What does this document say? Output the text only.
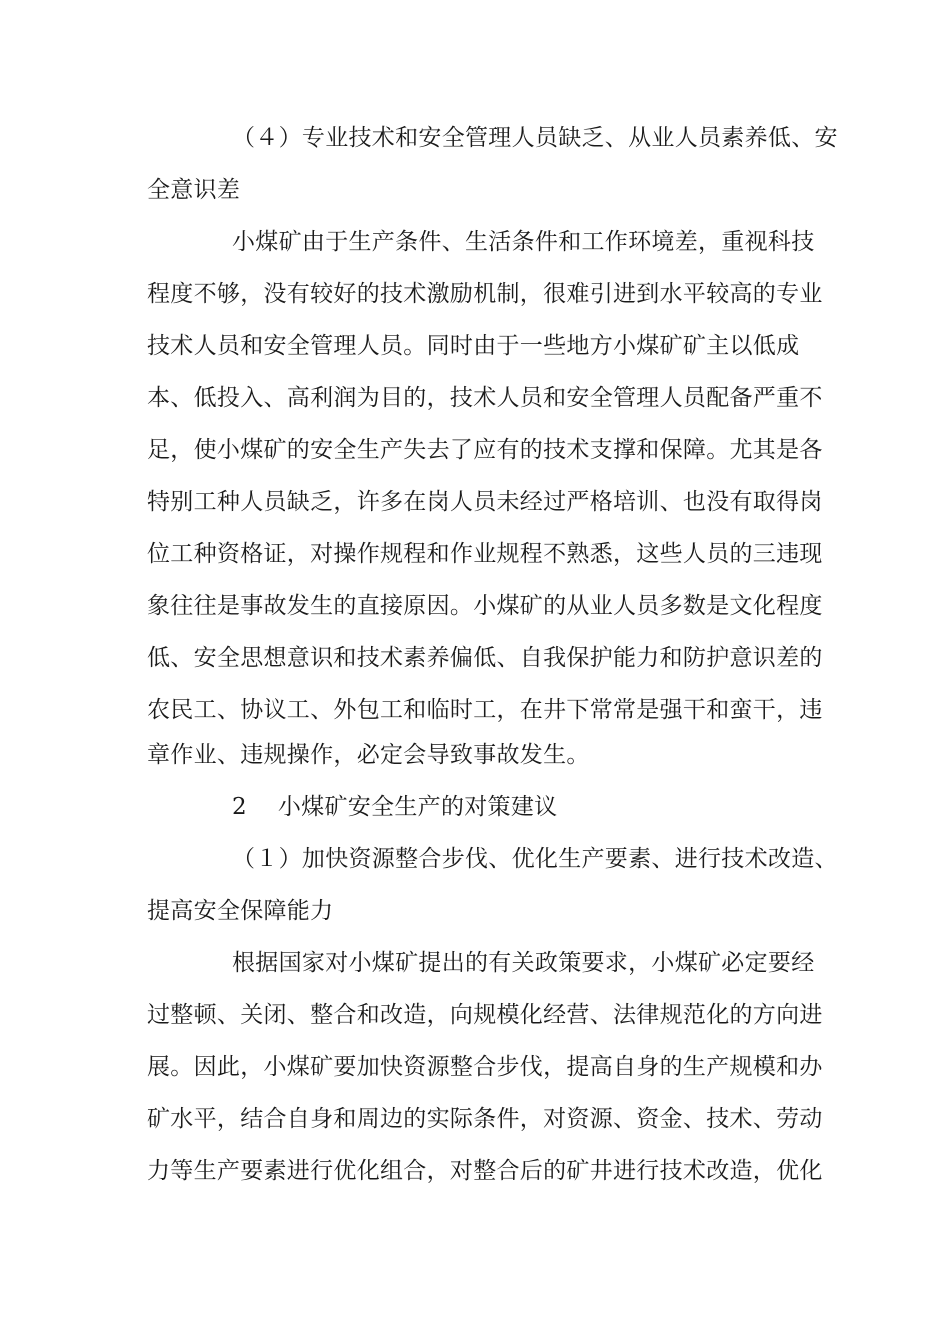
（４）专业技术和安全管理人员缺乏、从业人员素养低、安
全意识差
小煤矿由于生产条件、生活条件和工作环境差，重视科技
程度不够，没有较好的技术激励机制，很难引进到水平较高的专业
技术人员和安全管理人员。同时由于一些地方小煤矿矿主以低成
本、低投入、高利润为目的，技术人员和安全管理人员配备严重不
足，使小煤矿的安全生产失去了应有的技术支撑和保障。尤其是各
特别工种人员缺乏，许多在岗人员未经过严格培训、也没有取得岗
位工种资格证，对操作规程和作业规程不熟悉，这些人员的三违现
象往往是事故发生的直接原因。小煤矿的从业人员多数是文化程度
低、安全思想意识和技术素养偏低、自我保护能力和防护意识差的
农民工、协议工、外包工和临时工，在井下常常是强干和蛮干，违
章作业、违规操作，必定会导致事故发生。
2　 小煤矿安全生产的对策建议
（１）加快资源整合步伐、优化生产要素、进行技术改造、
提高安全保障能力
根据国家对小煤矿提出的有关政策要求，小煤矿必定要经
过整顿、关闭、整合和改造，向规模化经营、法律规范化的方向进
展。因此，小煤矿要加快资源整合步伐，提高自身的生产规模和办
矿水平，结合自身和周边的实际条件，对资源、资金、技术、劳动
力等生产要素进行优化组合，对整合后的矿井进行技术改造，优化
